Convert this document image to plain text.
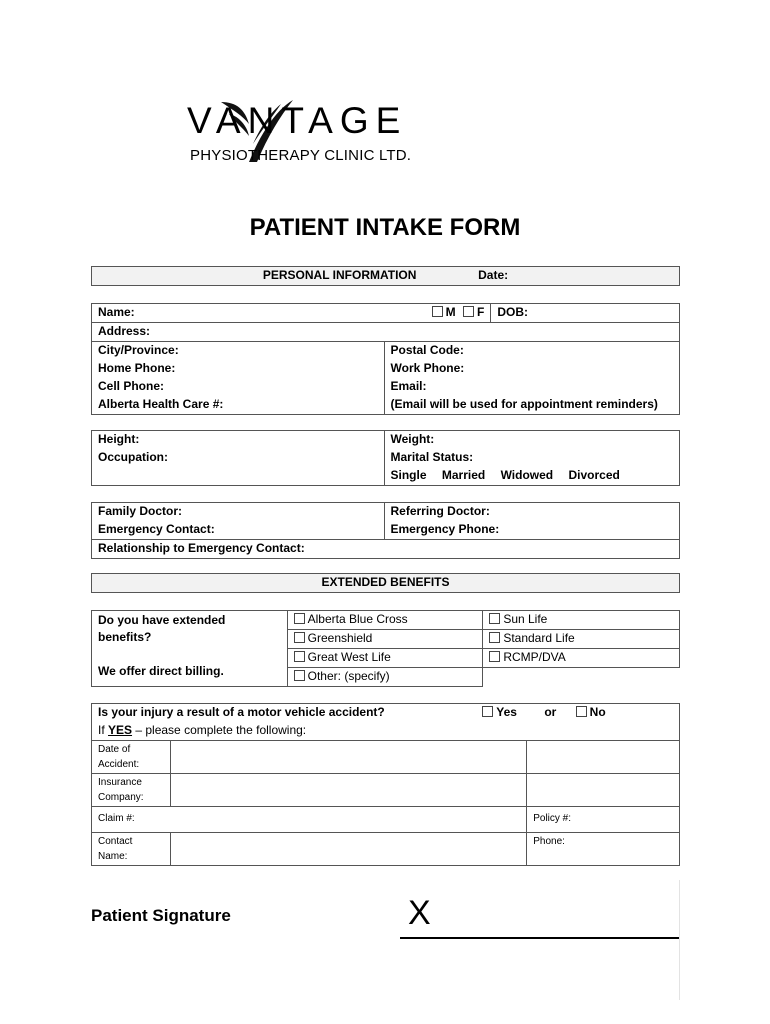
VANTAGE
PHYSIOTHERAPY CLINIC LTD.
PATIENT INTAKE FORM
PERSONAL INFORMATION	Date:
Name:	M F	DOB:
Address:		
City/Province:	Postal Code:	
Home Phone:	Work Phone:	
Cell Phone:	Email:	
Alberta Health Care #:	(Email will be used for appointment reminders)	
Height:	Weight:
Occupation:	Marital Status:
	Single Married Widowed Divorced
Family Doctor:	Referring Doctor:
Emergency Contact:	Emergency Phone:
Relationship to Emergency Contact:	
EXTENDED BENEFITS
Do you have extended
benefits?

We offer direct billing.	Alberta Blue Cross	Sun Life
	Greenshield	Standard Life
	Great West Life	RCMP/DVA
	Other: (specify)	
Is your injury a result of a motor vehicle accident? Yes or No		

If YES – please complete the following:		
Date of
Accident:		
Insurance
Company:		
Claim #:		Policy #:
Contact
Name:		Phone:
Patient Signature	X
